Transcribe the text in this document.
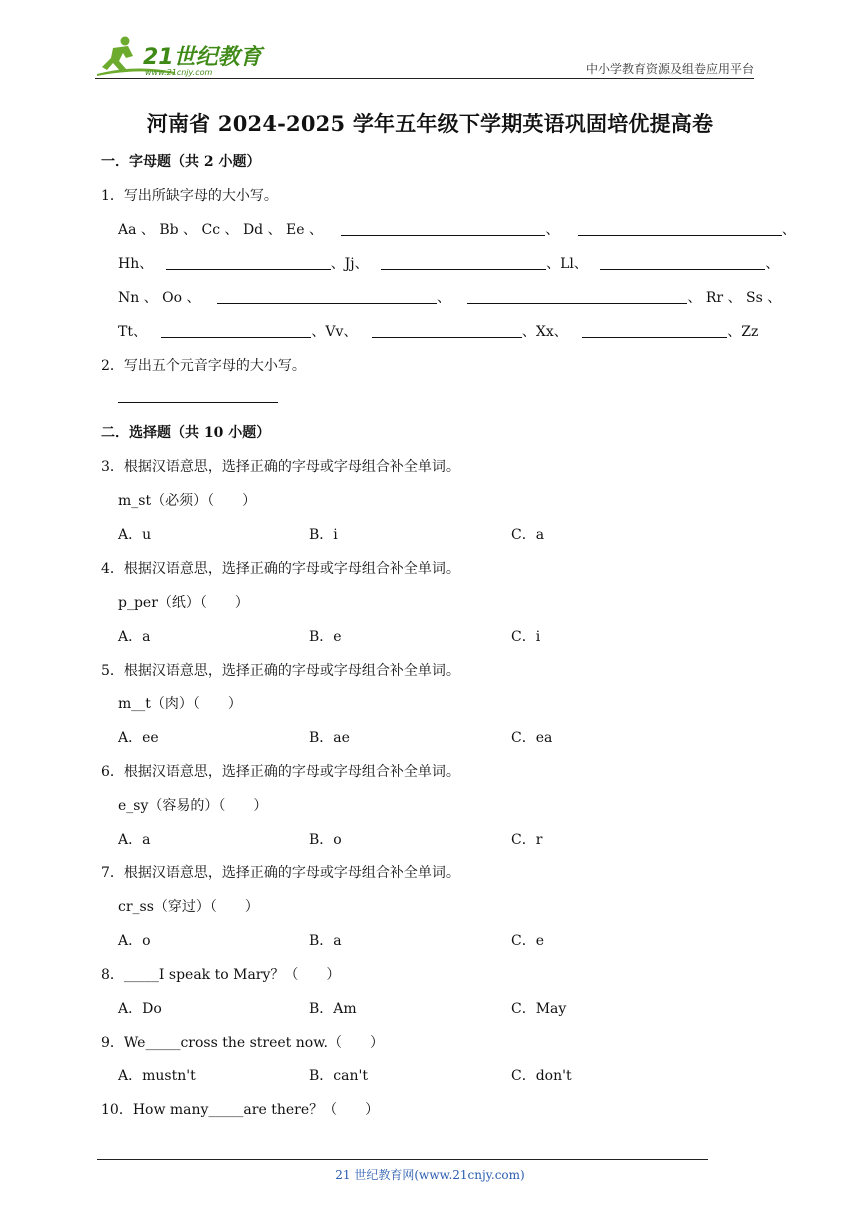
21世纪教育
www.21cnjy.com	中小学教育资源及组卷应用平台
河南省 2024-2025 学年五年级下学期英语巩固培优提高卷
一．字母题（共 2 小题）
1．写出所缺字母的大小写。
Aa 、 Bb 、 Cc 、 Dd 、 Ee 、	、	、
Hh、	、Jj、	、Ll、	、
Nn 、 Oo 、	、	、 Rr 、 Ss 、
Tt、	、Vv、	、Xx、	、Zz
2．写出五个元音字母的大小写。
二．选择题（共 10 小题）
3．根据汉语意思，选择正确的字母或字母组合补全单词。
m_st（必须）（　　）
A．u	B．i	C．a
4．根据汉语意思，选择正确的字母或字母组合补全单词。
p_per（纸）（　　）
A．a	B．e	C．i
5．根据汉语意思，选择正确的字母或字母组合补全单词。
m__t（肉）（　　）
A．ee	B．ae	C．ea
6．根据汉语意思，选择正确的字母或字母组合补全单词。
e_sy（容易的）（　　）
A．a	B．o	C．r
7．根据汉语意思，选择正确的字母或字母组合补全单词。
cr_ss（穿过）（　　）
A．o	B．a	C．e
8．_____I speak to Mary？（　　）
A．Do	B．Am	C．May
9．We_____cross the street now.（　　）
A．mustn't	B．can't	C．don't
10．How many_____are there？（　　）
21 世纪教育网(www.21cnjy.com)
